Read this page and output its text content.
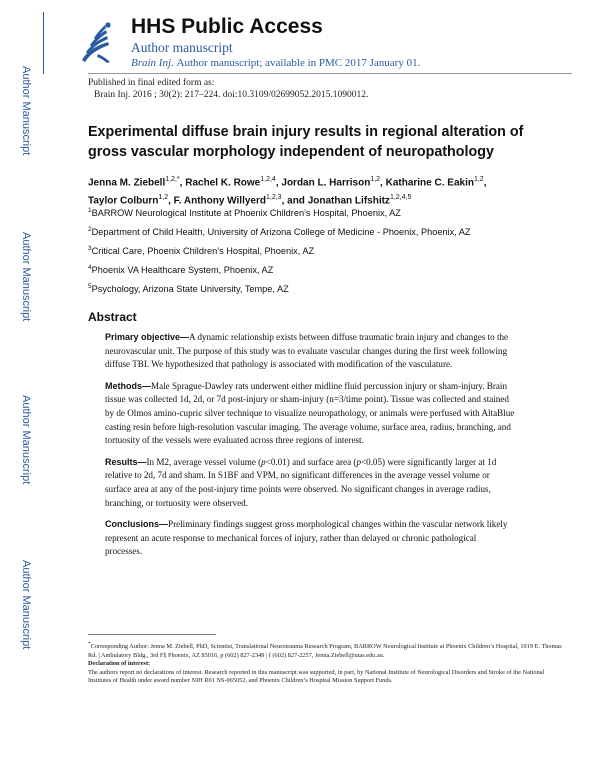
Author Manuscript
Author Manuscript
Author Manuscript
Author Manuscript
HHS Public Access
Author manuscript
Brain Inj. Author manuscript; available in PMC 2017 January 01.
Published in final edited form as:
Brain Inj. 2016 ; 30(2): 217–224. doi:10.3109/02699052.2015.1090012.
Experimental diffuse brain injury results in regional alteration of gross vascular morphology independent of neuropathology
Jenna M. Ziebell$^{1,2,*}$, Rachel K. Rowe$^{1,2,4}$, Jordan L. Harrison$^{1,2}$, Katharine C. Eakin$^{1,2}$,
Taylor Colburn$^{1,2}$, F. Anthony Willyerd$^{1,2,3}$, and Jonathan Lifshitz$^{1,2,4,5}$
$^1$BARROW Neurological Institute at Phoenix Children’s Hospital, Phoenix, AZ
$^2$Department of Child Health, University of Arizona College of Medicine - Phoenix, Phoenix, AZ
$^3$Critical Care, Phoenix Children’s Hospital, Phoenix, AZ
$^4$Phoenix VA Healthcare System, Phoenix, AZ
$^5$Psychology, Arizona State University, Tempe, AZ
Abstract

Primary objective—A dynamic relationship exists between diffuse traumatic brain injury and changes to the neurovascular unit. The purpose of this study was to evaluate vascular changes during the first week following diffuse TBI. We hypothesized that pathology is associated with modification of the vasculature.

Methods—Male Sprague-Dawley rats underwent either midline fluid percussion injury or sham-injury. Brain tissue was collected 1d, 2d, or 7d post-injury or sham-injury (n=3/time point). Tissue was collected and stained by de Olmos amino-cupric silver technique to visualize neuropathology, or animals were perfused with AltaBlue casting resin before high-resolution vascular imaging. The average volume, surface area, radius, branching, and tortuosity of the vessels were evaluated across three regions of interest.

Results—In M2, average vessel volume (p<0.01) and surface area (p<0.05) were significantly larger at 1d relative to 2d, 7d and sham. In S1BF and VPM, no significant differences in the average vessel volume or surface area at any of the post-injury time points were observed. No significant changes in average radius, branching, or tortuosity were observed.

Conclusions—Preliminary findings suggest gross morphological changes within the vascular network likely represent an acute response to mechanical forces of injury, rather than delayed or chronic pathological processes.

*Corresponding Author: Jenna M. Ziebell, PhD, Scientist, Translational Neurotrauma Research Program, BARROW Neurological Institute at Phoenix Children’s Hospital, 1919 E. Thomas Rd. | Ambulatory Bldg., 3rd Fl| Phoenix, AZ 85016, p (602) 827-2349 | f (602) 827-2257, Jenna.Ziebell@utas.edu.au.
Declaration of interest:
The authors report no declarations of interest. Research reported in this manuscript was supported, in part, by National Institute of Neurological Disorders and Stroke of the National Institutes of Health under award number NIH R01 NS-065052, and Phoenix Children’s Hospital Mission Support Funds.
